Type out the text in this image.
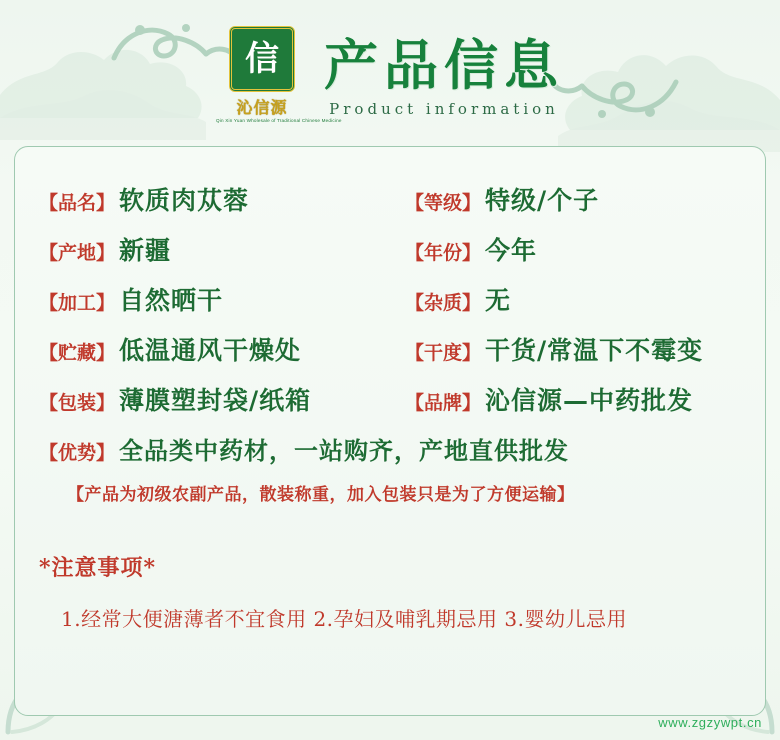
信
沁信源
Qin Xin Yuan Wholesale of Traditional Chinese Medicine
产品信息
Product information
【品名】 软质肉苁蓉	【等级】 特级/个子
【产地】 新疆	【年份】 今年
【加工】 自然晒干	【杂质】 无
【贮藏】 低温通风干燥处	【干度】 干货/常温下不霉变
【包装】 薄膜塑封袋/纸箱	【品牌】 沁信源—中药批发
【优势】 全品类中药材，一站购齐，产地直供批发
【产品为初级农副产品，散装称重，加入包装只是为了方便运输】
*注意事项*
1.经常大便溏薄者不宜食用 2.孕妇及哺乳期忌用 3.婴幼儿忌用
www.zgzywpt.cn
